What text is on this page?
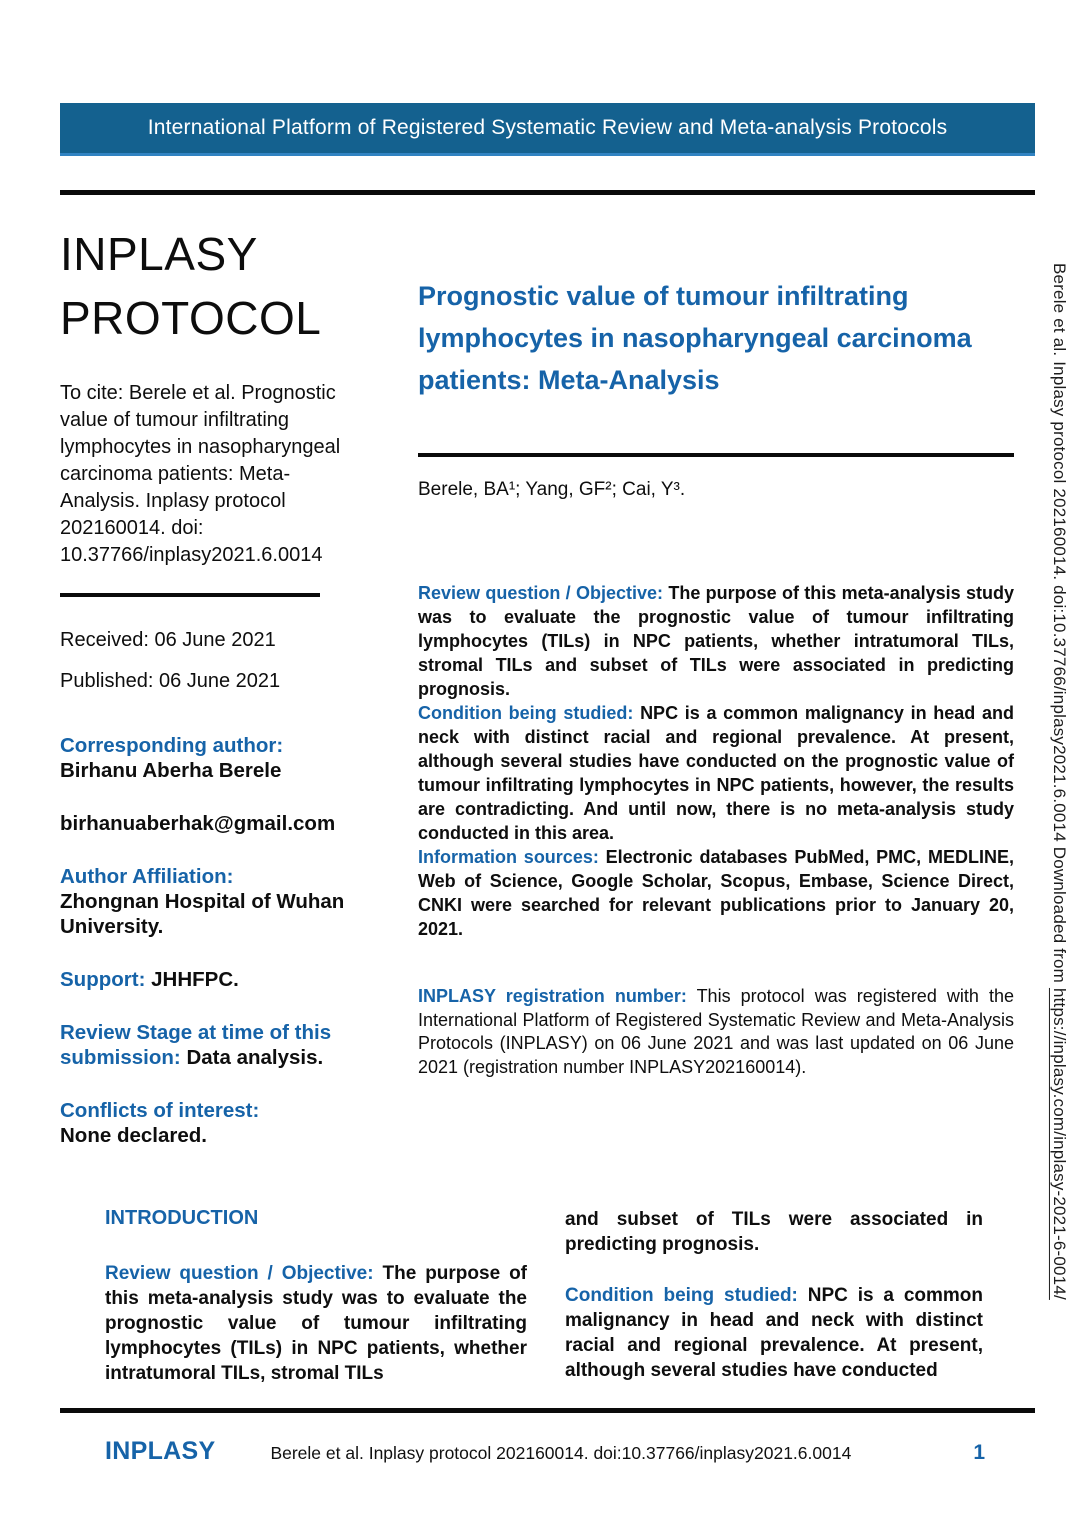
International Platform of Registered Systematic Review and Meta-analysis Protocols
INPLASY
PROTOCOL

To cite: Berele et al. Prognostic value of tumour infiltrating lymphocytes in nasopharyngeal carcinoma patients: Meta-Analysis. Inplasy protocol 202160014. doi: 10.37766/inplasy2021.6.0014

Received: 06 June 2021

Published: 06 June 2021

Corresponding author:
Birhanu Aberha Berele

birhanuaberhak@gmail.com

Author Affiliation:
Zhongnan Hospital of Wuhan University.

Support: JHHFPC.

Review Stage at time of this submission: Data analysis.

Conflicts of interest:
None declared.

Prognostic value of tumour infiltrating lymphocytes in nasopharyngeal carcinoma patients: Meta-Analysis

Berele, BA¹; Yang, GF²; Cai, Y³.

Review question / Objective: The purpose of this meta-analysis study was to evaluate the prognostic value of tumour infiltrating lymphocytes (TILs) in NPC patients, whether intratumoral TILs, stromal TILs and subset of TILs were associated in predicting prognosis.

Condition being studied: NPC is a common malignancy in head and neck with distinct racial and regional prevalence. At present, although several studies have conducted on the prognostic value of tumour infiltrating lymphocytes in NPC patients, however, the results are contradicting. And until now, there is no meta-analysis study conducted in this area.

Information sources: Electronic databases PubMed, PMC, MEDLINE, Web of Science, Google Scholar, Scopus, Embase, Science Direct, CNKI were searched for relevant publications prior to January 20, 2021.

INPLASY registration number: This protocol was registered with the International Platform of Registered Systematic Review and Meta-Analysis Protocols (INPLASY) on 06 June 2021 and was last updated on 06 June 2021 (registration number INPLASY202160014).

INTRODUCTION

Review question / Objective: The purpose of this meta-analysis study was to evaluate the prognostic value of tumour infiltrating lymphocytes (TILs) in NPC patients, whether intratumoral TILs, stromal TILs

and subset of TILs were associated in predicting prognosis.

Condition being studied: NPC is a common malignancy in head and neck with distinct racial and regional prevalence. At present, although several studies have conducted

INPLASY	Berele et al. Inplasy protocol 202160014. doi:10.37766/inplasy2021.6.0014	1
Berele et al. Inplasy protocol 202160014. doi:10.37766/inplasy2021.6.0014 Downloaded from https://inplasy.com/inplasy-2021-6-0014/
